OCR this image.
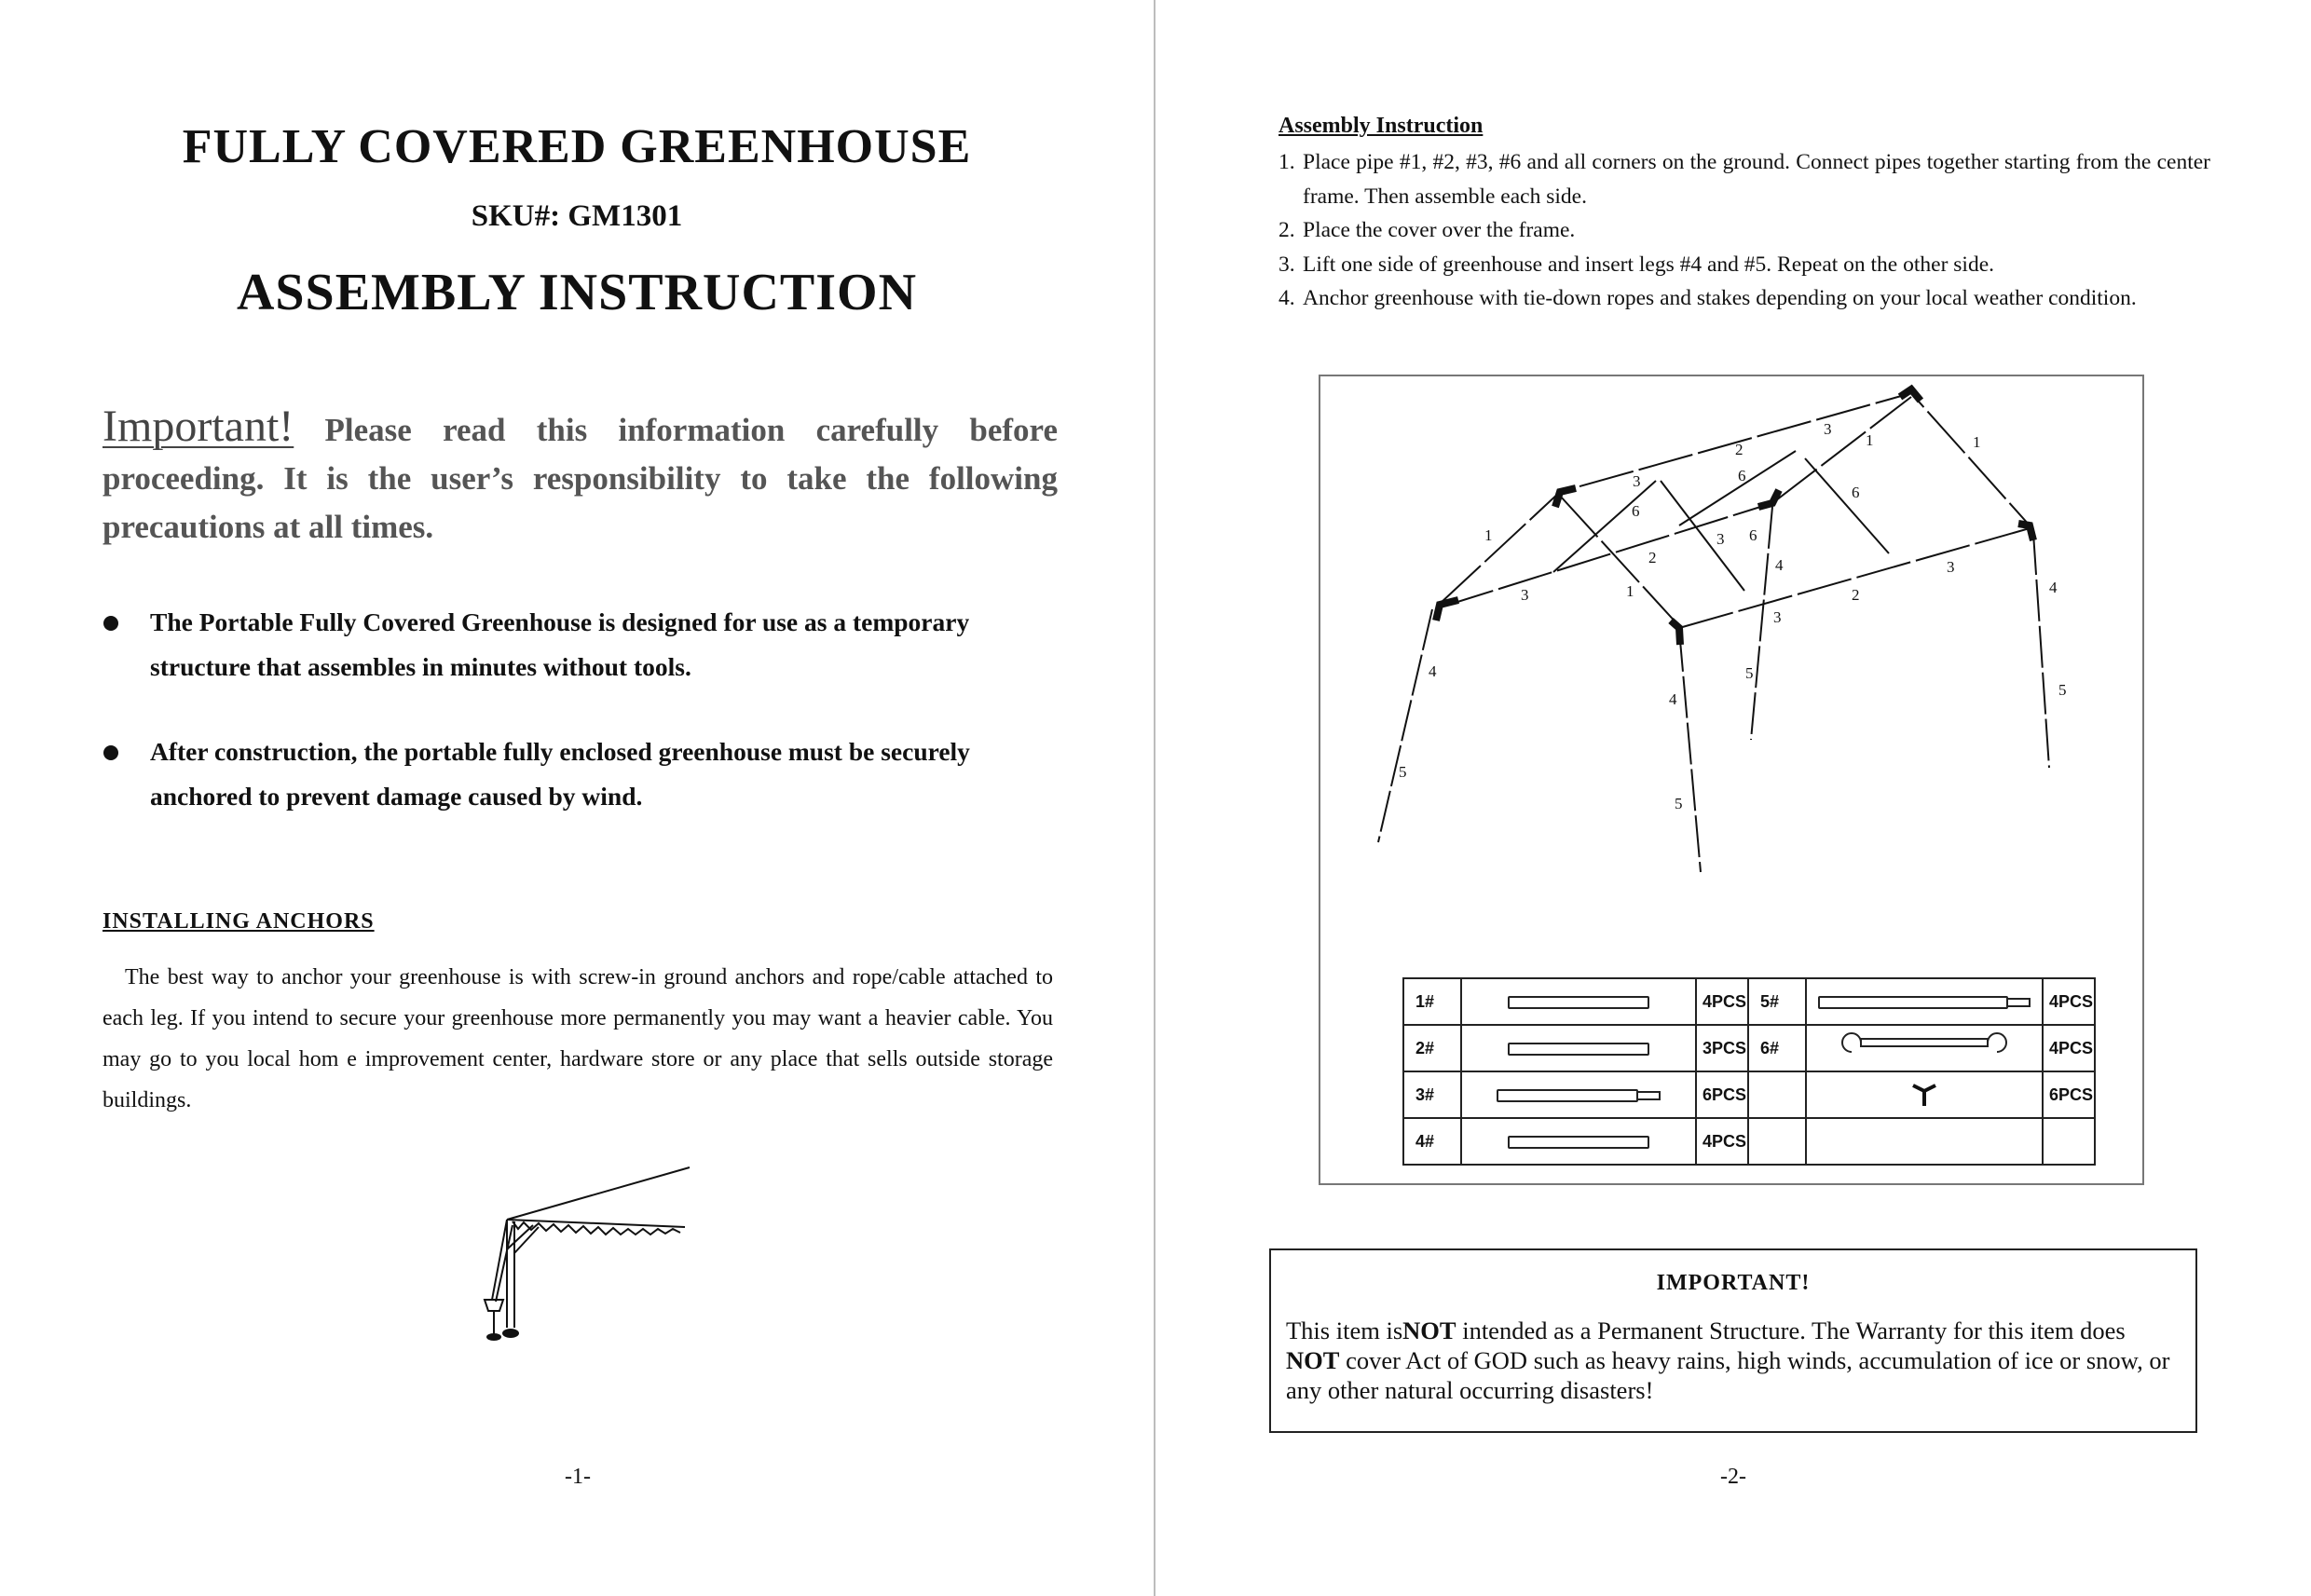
FULLY COVERED GREENHOUSE
SKU#: GM1301
ASSEMBLY INSTRUCTION
Important! Please read this information carefully before proceeding. It is the user’s responsibility to take the following precautions at all times.
The Portable Fully Covered Greenhouse is designed for use as a temporary structure that assembles in minutes without tools.
After construction, the portable fully enclosed greenhouse must be securely anchored to prevent damage caused by wind.
INSTALLING ANCHORS
The best way to anchor your greenhouse is with screw-in ground anchors and rope/cable attached to each leg. If you intend to secure your greenhouse more permanently you may want a heavier cable. You may go to you local hom e improvement center, hardware store or any place that sells outside storage buildings.
-1-
Assembly Instruction
1. Place pipe #1, #2, #3, #6 and all corners on the ground. Connect pipes together starting from the center frame. Then assemble each side.
2. Place the cover over the frame.
3. Lift one side of greenhouse and insert legs #4 and #5. Repeat on the other side.
4. Anchor greenhouse with tie-down ropes and stakes depending on your local weather condition.
1
1
1	1
2
2
2
3
3
3
3
3
3
4
4
4
4
5
5
5
5
6
6
6
6
1#		4PCS	5#		4PCS
2#		3PCS	6#		4PCS
3#		6PCS			6PCS
4#		4PCS			
IMPORTANT!
This item isNOT intended as a Permanent Structure. The Warranty for this item does NOT cover Act of GOD such as heavy rains, high winds, accumulation of ice or snow, or any other natural occurring disasters!
-2-
